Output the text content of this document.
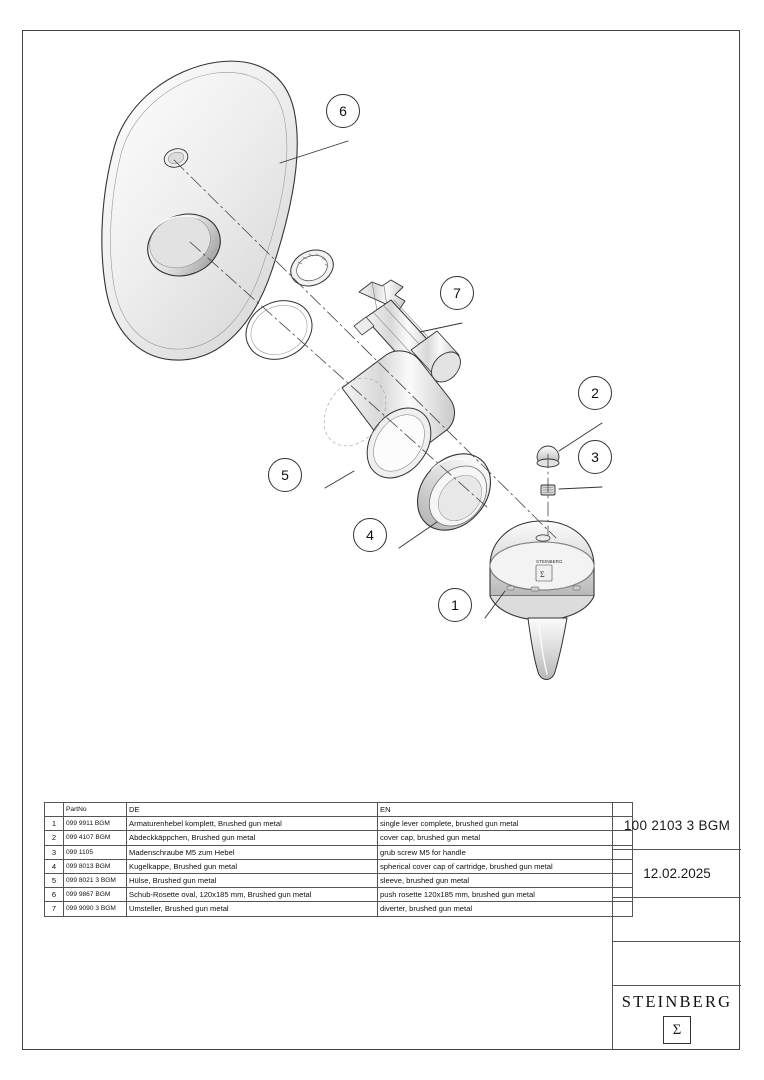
STEINBERG
Ʃ
6
7
2
3
5
4
1
	PartNo	DE	EN
1	099 9911 BGM	Armaturenhebel komplett, Brushed gun metal	single lever complete, brushed gun metal
2	099 4107 BGM	Abdeckkäppchen, Brushed gun metal	cover cap, brushed gun metal
3	099 1105	Madenschraube M5 zum Hebel	grub screw M5 for handle
4	099 8013 BGM	Kugelkappe, Brushed gun metal	spherical cover cap of cartridge, brushed gun metal
5	099 8021 3 BGM	Hülse, Brushed gun metal	sleeve, brushed gun metal
6	099 9867 BGM	Schub-Rosette oval, 120x185 mm, Brushed gun metal	push rosette 120x185 mm, brushed gun metal
7	099 9090 3 BGM	Umsteller, Brushed gun metal	diverter, brushed gun metal
100 2103 3 BGM
12.02.2025
STEINBERG
Ʃ
